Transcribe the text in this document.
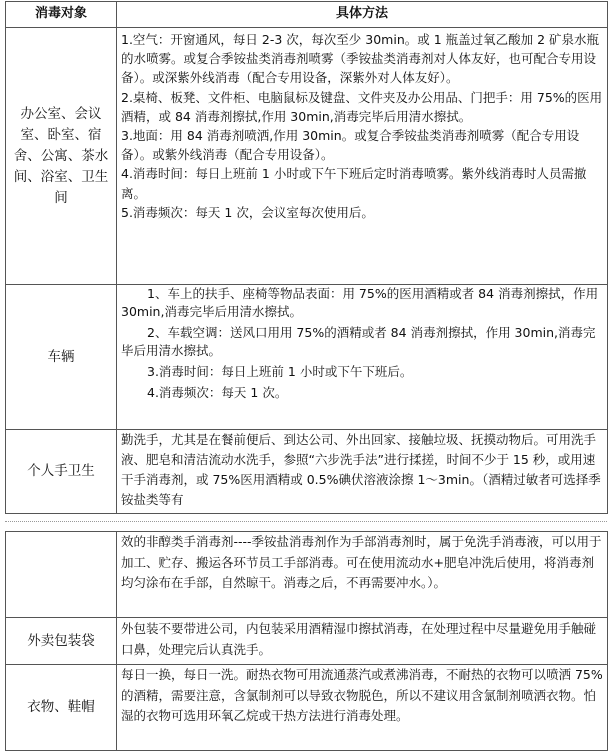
消毒对象	具体方法
办公室、会议室、卧室、宿舍、公寓、茶水间、浴室、卫生间	1.空气：开窗通风，每日 2-3 次，每次至少 30min。或 1 瓶盖过氧乙酸加 2 矿泉水瓶的水喷雾。或复合季铵盐类消毒剂喷雾（季铵盐类消毒剂对人体友好，也可配合专用设备）。或深紫外线消毒（配合专用设备，深紫外对人体友好）。

2.桌椅、板凳、文件柜、电脑鼠标及键盘、文件夹及办公用品、门把手：用 75%的医用酒精，或 84 消毒剂擦拭,作用 30min,消毒完毕后用清水擦拭。

3.地面：用 84 消毒剂喷洒,作用 30min。或复合季铵盐类消毒剂喷雾（配合专用设备）。或紫外线消毒（配合专用设备）。

4.消毒时间：每日上班前 1 小时或下午下班后定时消毒喷雾。紫外线消毒时人员需撤离。

5.消毒频次：每天 1 次，会议室每次使用后。

车辆	1、车上的扶手、座椅等物品表面：用 75%的医用酒精或者 84 消毒剂擦拭，作用 30min,消毒完毕后用清水擦拭。

2、车载空调：送风口用用 75%的酒精或者 84 消毒剂擦拭，作用 30min,消毒完毕后用清水擦拭。

3.消毒时间：每日上班前 1 小时或下午下班后。

4.消毒频次：每天 1 次。

个人手卫生	勤洗手，尤其是在餐前便后、到达公司、外出回家、接触垃圾、抚摸动物后。可用洗手液、肥皂和清洁流动水洗手，参照“六步洗手法”进行揉搓，时间不少于 15 秒，或用速干手消毒剂，或 75%医用酒精或 0.5%碘伏溶液涂擦 1～3min。（酒精过敏者可选择季铵盐类等有
	效的非醇类手消毒剂----季铵盐消毒剂作为手部消毒剂时，属于免洗手消毒液，可以用于加工、贮存、搬运各环节员工手部消毒。可在使用流动水+肥皂冲洗后使用，将消毒剂均匀涂布在手部，自然晾干。消毒之后，不再需要冲水。）。
外卖包装袋	外包装不要带进公司，内包装采用酒精湿巾擦拭消毒，在处理过程中尽量避免用手触碰口鼻，处理完后认真洗手。
衣物、鞋帽	每日一换，每日一洗。耐热衣物可用流通蒸汽或煮沸消毒，不耐热的衣物可以喷洒 75%的酒精，需要注意，含氯制剂可以导致衣物脱色，所以不建议用含氯制剂喷洒衣物。怕湿的衣物可选用环氧乙烷或干热方法进行消毒处理。
